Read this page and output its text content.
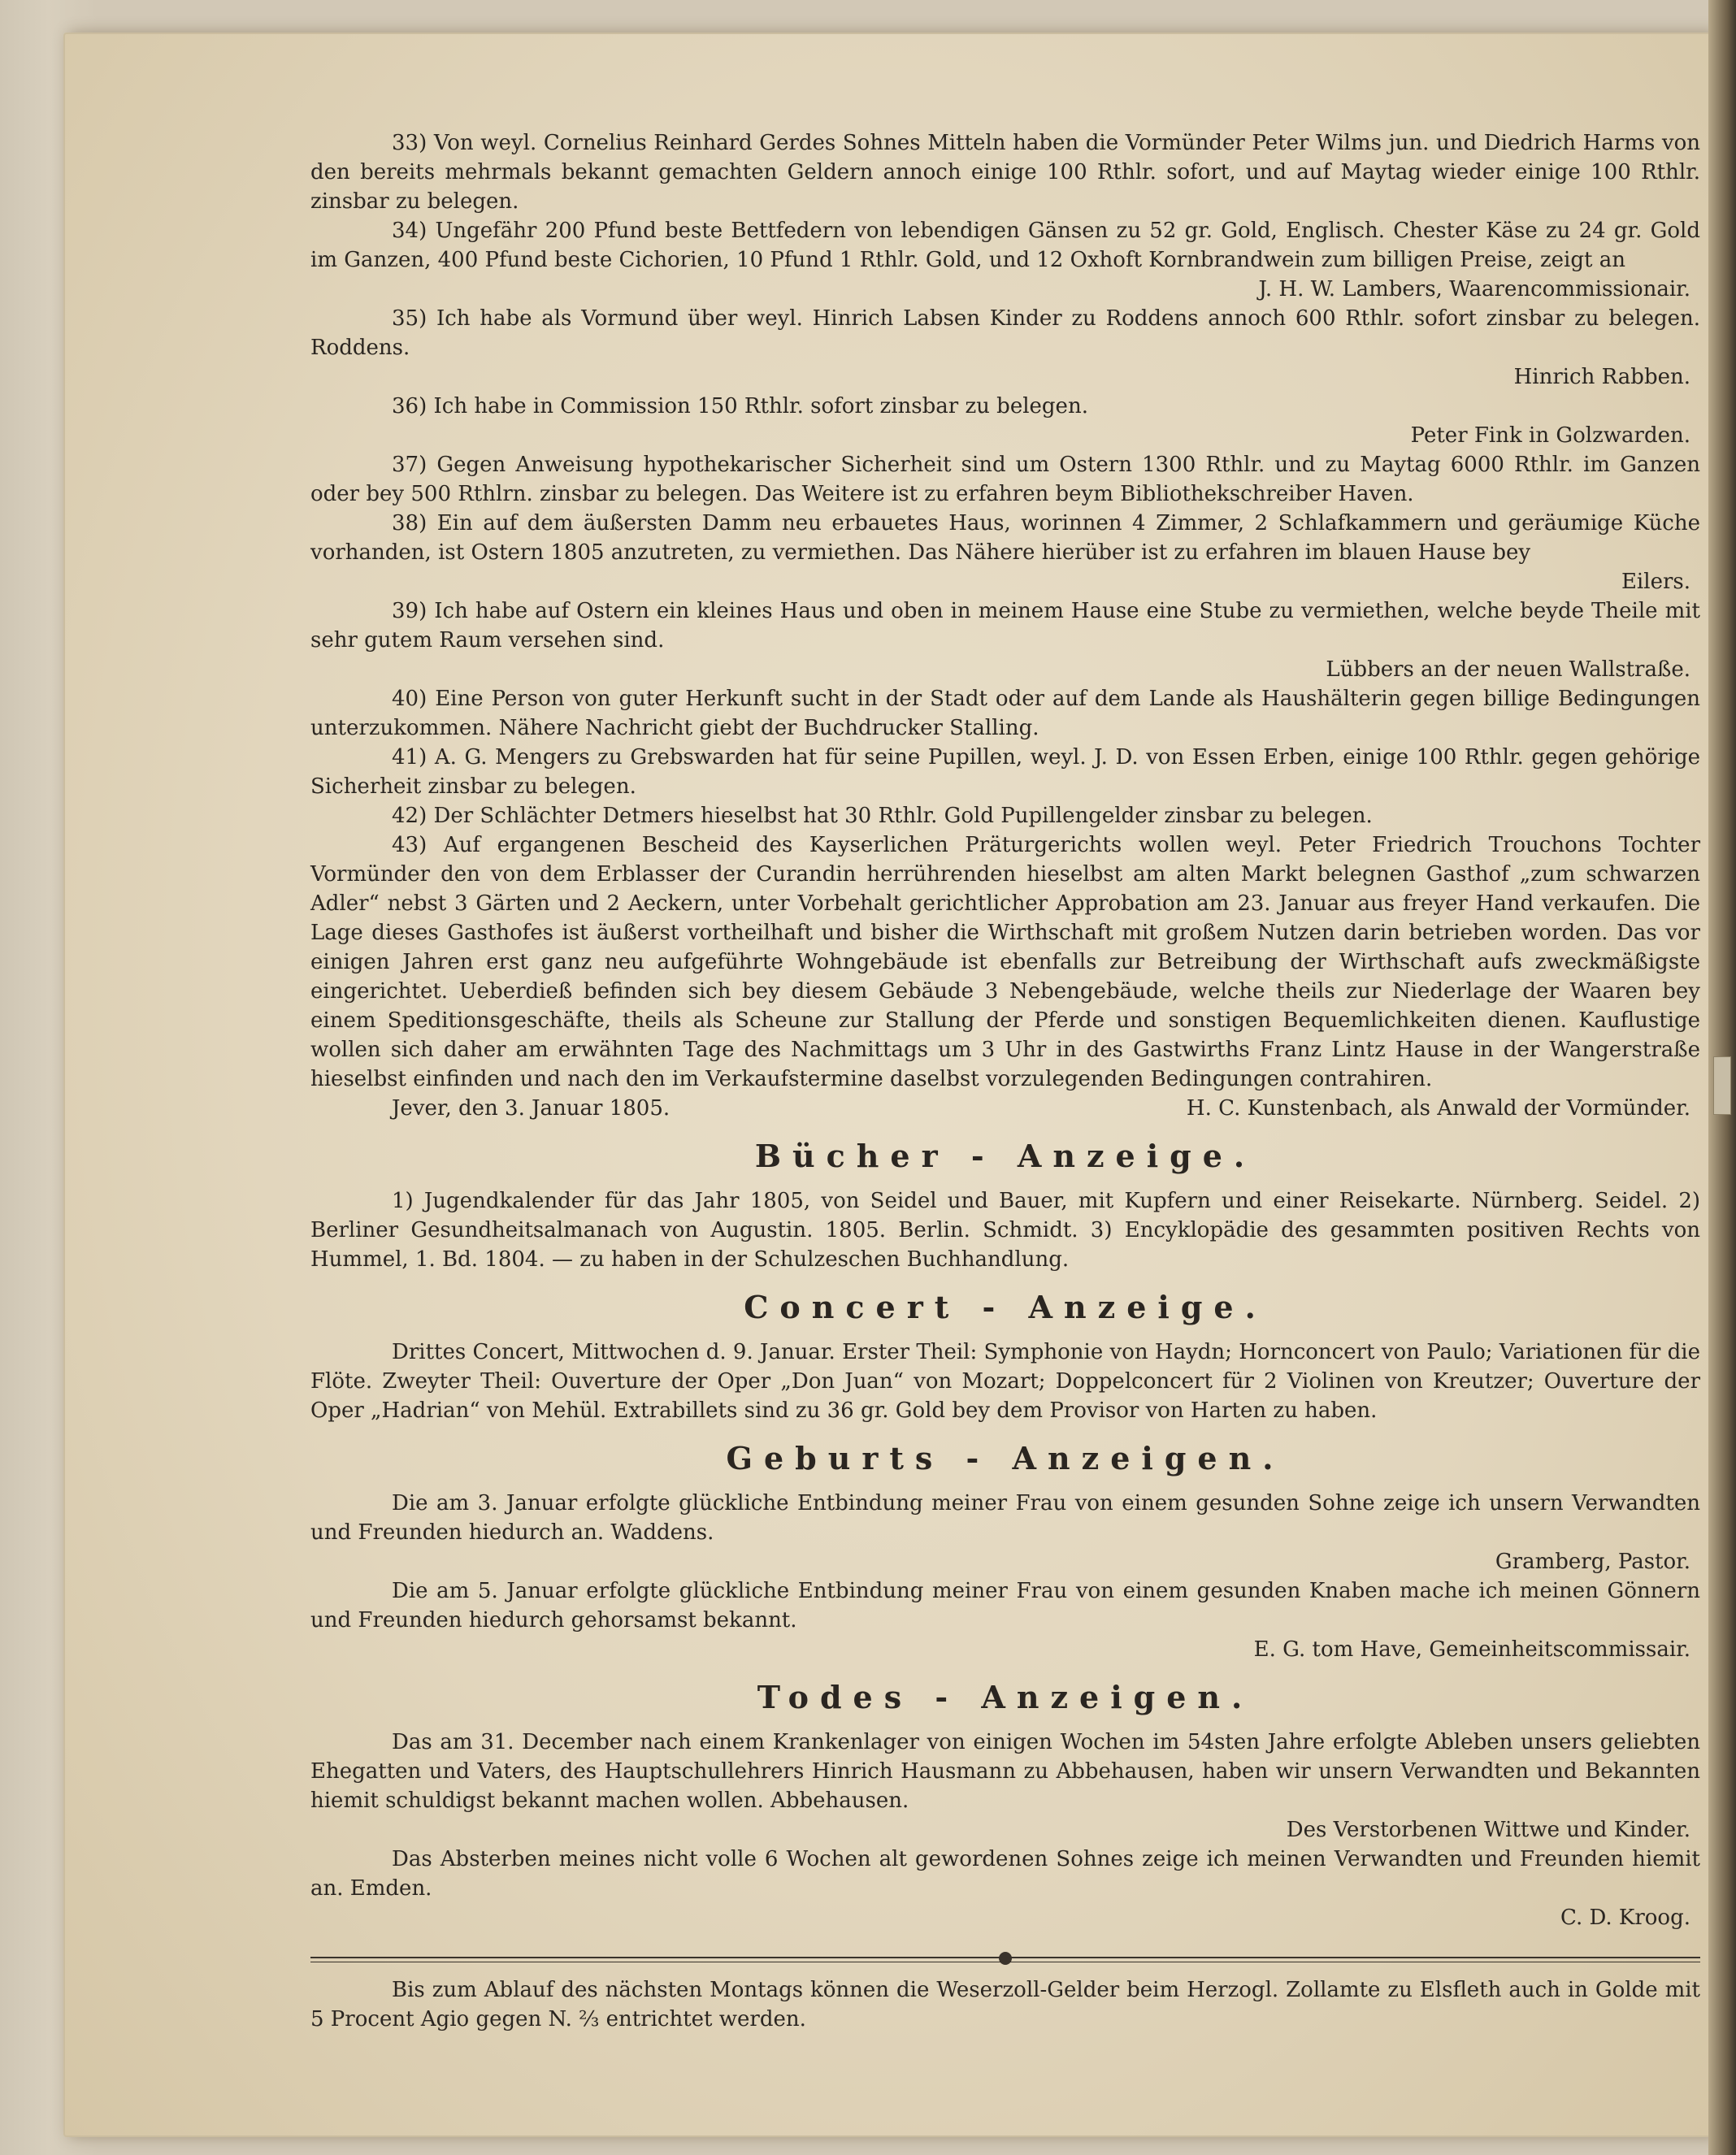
33) Von weyl. Cornelius Reinhard Gerdes Sohnes Mitteln haben die Vormünder Peter Wilms jun. und Diedrich Harms von den bereits mehrmals bekannt gemachten Geldern annoch einige 100 Rthlr. sofort, und auf Maytag wieder einige 100 Rthlr. zinsbar zu belegen.

34) Ungefähr 200 Pfund beste Bettfedern von lebendigen Gänsen zu 52 gr. Gold, Englisch. Chester Käse zu 24 gr. Gold im Ganzen, 400 Pfund beste Cichorien, 10 Pfund 1 Rthlr. Gold, und 12 Oxhoft Kornbrandwein zum billigen Preise, zeigt an

J. H. W. Lambers, Waarencommissionair.

35) Ich habe als Vormund über weyl. Hinrich Labsen Kinder zu Roddens annoch 600 Rthlr. sofort zinsbar zu belegen. Roddens.

Hinrich Rabben.

36) Ich habe in Commission 150 Rthlr. sofort zinsbar zu belegen.

Peter Fink in Golzwarden.

37) Gegen Anweisung hypothekarischer Sicherheit sind um Ostern 1300 Rthlr. und zu Maytag 6000 Rthlr. im Ganzen oder bey 500 Rthlrn. zinsbar zu belegen. Das Weitere ist zu erfahren beym Bibliothekschreiber Haven.

38) Ein auf dem äußersten Damm neu erbauetes Haus, worinnen 4 Zimmer, 2 Schlafkammern und geräumige Küche vorhanden, ist Ostern 1805 anzutreten, zu vermiethen. Das Nähere hierüber ist zu erfahren im blauen Hause bey

Eilers.

39) Ich habe auf Ostern ein kleines Haus und oben in meinem Hause eine Stube zu vermiethen, welche beyde Theile mit sehr gutem Raum versehen sind.

Lübbers an der neuen Wallstraße.

40) Eine Person von guter Herkunft sucht in der Stadt oder auf dem Lande als Haushälterin gegen billige Bedingungen unterzukommen. Nähere Nachricht giebt der Buchdrucker Stalling.

41) A. G. Mengers zu Grebswarden hat für seine Pupillen, weyl. J. D. von Essen Erben, einige 100 Rthlr. gegen gehörige Sicherheit zinsbar zu belegen.

42) Der Schlächter Detmers hieselbst hat 30 Rthlr. Gold Pupillengelder zinsbar zu belegen.

43) Auf ergangenen Bescheid des Kayserlichen Präturgerichts wollen weyl. Peter Friedrich Trouchons Tochter Vormünder den von dem Erblasser der Curandin herrührenden hieselbst am alten Markt belegnen Gasthof „zum schwarzen Adler“ nebst 3 Gärten und 2 Aeckern, unter Vorbehalt gerichtlicher Approbation am 23. Januar aus freyer Hand verkaufen. Die Lage dieses Gasthofes ist äußerst vortheilhaft und bisher die Wirthschaft mit großem Nutzen darin betrieben worden. Das vor einigen Jahren erst ganz neu aufgeführte Wohngebäude ist ebenfalls zur Betreibung der Wirthschaft aufs zweckmäßigste eingerichtet. Ueberdieß befinden sich bey diesem Gebäude 3 Nebengebäude, welche theils zur Niederlage der Waaren bey einem Speditionsgeschäfte, theils als Scheune zur Stallung der Pferde und sonstigen Bequemlichkeiten dienen. Kauflustige wollen sich daher am erwähnten Tage des Nachmittags um 3 Uhr in des Gastwirths Franz Lintz Hause in der Wangerstraße hieselbst einfinden und nach den im Verkaufstermine daselbst vorzulegenden Bedingungen contrahiren.

Jever, den 3. Januar 1805.	H. C. Kunstenbach, als Anwald der Vormünder.

Bücher - Anzeige.

1) Jugendkalender für das Jahr 1805, von Seidel und Bauer, mit Kupfern und einer Reisekarte. Nürnberg. Seidel. 2) Berliner Gesundheitsalmanach von Augustin. 1805. Berlin. Schmidt. 3) Encyklopädie des gesammten positiven Rechts von Hummel, 1. Bd. 1804. — zu haben in der Schulzeschen Buchhandlung.

Concert - Anzeige.

Drittes Concert, Mittwochen d. 9. Januar. Erster Theil: Symphonie von Haydn; Hornconcert von Paulo; Variationen für die Flöte. Zweyter Theil: Ouverture der Oper „Don Juan“ von Mozart; Doppelconcert für 2 Violinen von Kreutzer; Ouverture der Oper „Hadrian“ von Mehül. Extrabillets sind zu 36 gr. Gold bey dem Provisor von Harten zu haben.

Geburts - Anzeigen.

Die am 3. Januar erfolgte glückliche Entbindung meiner Frau von einem gesunden Sohne zeige ich unsern Verwandten und Freunden hiedurch an. Waddens.

Gramberg, Pastor.

Die am 5. Januar erfolgte glückliche Entbindung meiner Frau von einem gesunden Knaben mache ich meinen Gönnern und Freunden hiedurch gehorsamst bekannt.

E. G. tom Have, Gemeinheitscommissair.

Todes - Anzeigen.

Das am 31. December nach einem Krankenlager von einigen Wochen im 54sten Jahre erfolgte Ableben unsers geliebten Ehegatten und Vaters, des Hauptschullehrers Hinrich Hausmann zu Abbehausen, haben wir unsern Verwandten und Bekannten hiemit schuldigst bekannt machen wollen. Abbehausen.

Des Verstorbenen Wittwe und Kinder.

Das Absterben meines nicht volle 6 Wochen alt gewordenen Sohnes zeige ich meinen Verwandten und Freunden hiemit an. Emden.

C. D. Kroog.

Bis zum Ablauf des nächsten Montags können die Weserzoll-Gelder beim Herzogl. Zollamte zu Elsfleth auch in Golde mit 5 Procent Agio gegen N. ⅔ entrichtet werden.
